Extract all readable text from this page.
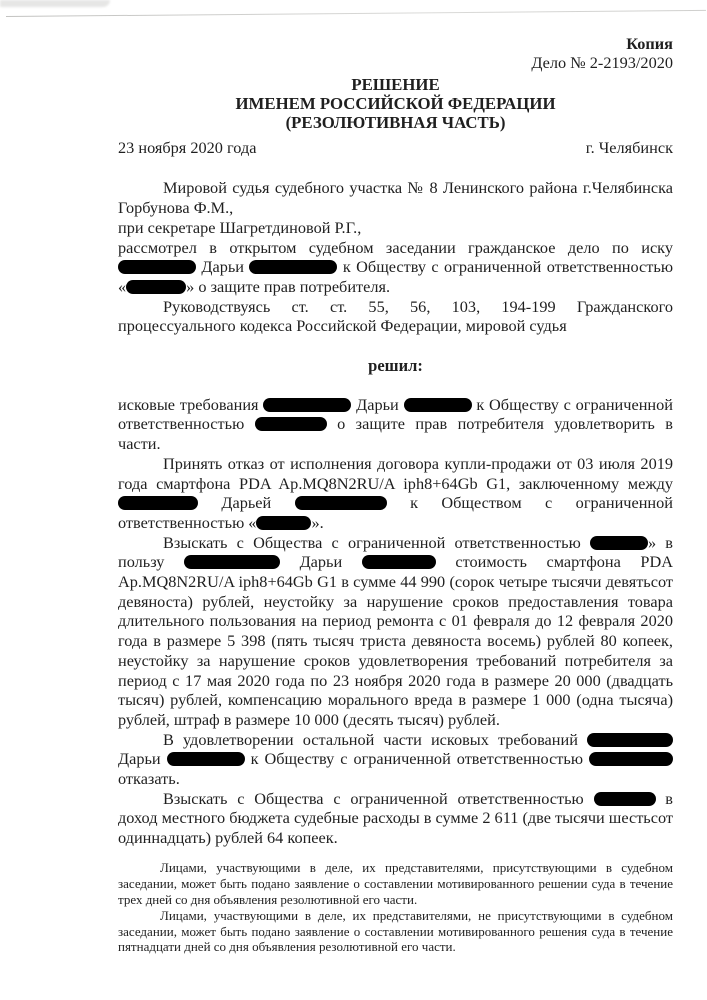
Копия
Дело № 2-2193/2020
РЕШЕНИЕ
ИМЕНЕМ РОССИЙСКОЙ ФЕДЕРАЦИИ
(РЕЗОЛЮТИВНАЯ ЧАСТЬ)
23 ноября 2020 года	г. Челябинск

Мировой судья судебного участка № 8 Ленинского района г.Челябинска Горбунова Ф.М.,

при секретаре Шагретдиновой Р.Г.,

рассмотрел в открытом судебном заседании гражданское дело по иску  Дарьи	к Обществу с ограниченной ответственностью «	» о защите прав потребителя.

Руководствуясь ст. ст. 55, 56, 103, 194-199 Гражданского процессуального кодекса Российской Федерации, мировой судья

решил:

исковые требования	Дарьи	к Обществу с ограниченной ответственностью	о защите прав потребителя удовлетворить в части.

Принять отказ от исполнения договора купли-продажи от 03 июля 2019 года смартфона PDA Ap.MQ8N2RU/A iph8+64Gb G1, заключенному между  Дарьей	к Обществом с ограниченной ответственностью «	».

Взыскать с Общества с ограниченной ответственностью	» в пользу	Дарьи	стоимость смартфона PDA Ap.MQ8N2RU/A iph8+64Gb G1 в сумме 44 990 (сорок четыре тысячи девятьсот девяноста) рублей, неустойку за нарушение сроков предоставления товара длительного пользования на период ремонта с 01 февраля до 12 февраля 2020 года в размере 5 398 (пять тысяч триста девяноста восемь) рублей 80 копеек, неустойку за нарушение сроков удовлетворения требований потребителя за период с 17 мая 2020 года по 23 ноября 2020 года в размере 20 000 (двадцать тысяч) рублей, компенсацию морального вреда в размере 1 000 (одна тысяча) рублей, штраф в размере 10 000 (десять тысяч) рублей.

В удовлетворении остальной части исковых требований  Дарьи	к Обществу с ограниченной ответственностью  отказать.

Взыскать с Общества с ограниченной ответственностью	в доход местного бюджета судебные расходы в сумме 2 611 (две тысячи шестьсот одиннадцать) рублей 64 копеек.

Лицами, участвующими в деле, их представителями, присутствующими в судебном заседании, может быть подано заявление о составлении мотивированного решении суда в течение трех дней со дня объявления резолютивной его части.

Лицами, участвующими в деле, их представителями, не присутствующими в судебном заседании, может быть подано заявление о составлении мотивированного решения суда в течение пятнадцати дней со дня объявления резолютивной его части.
